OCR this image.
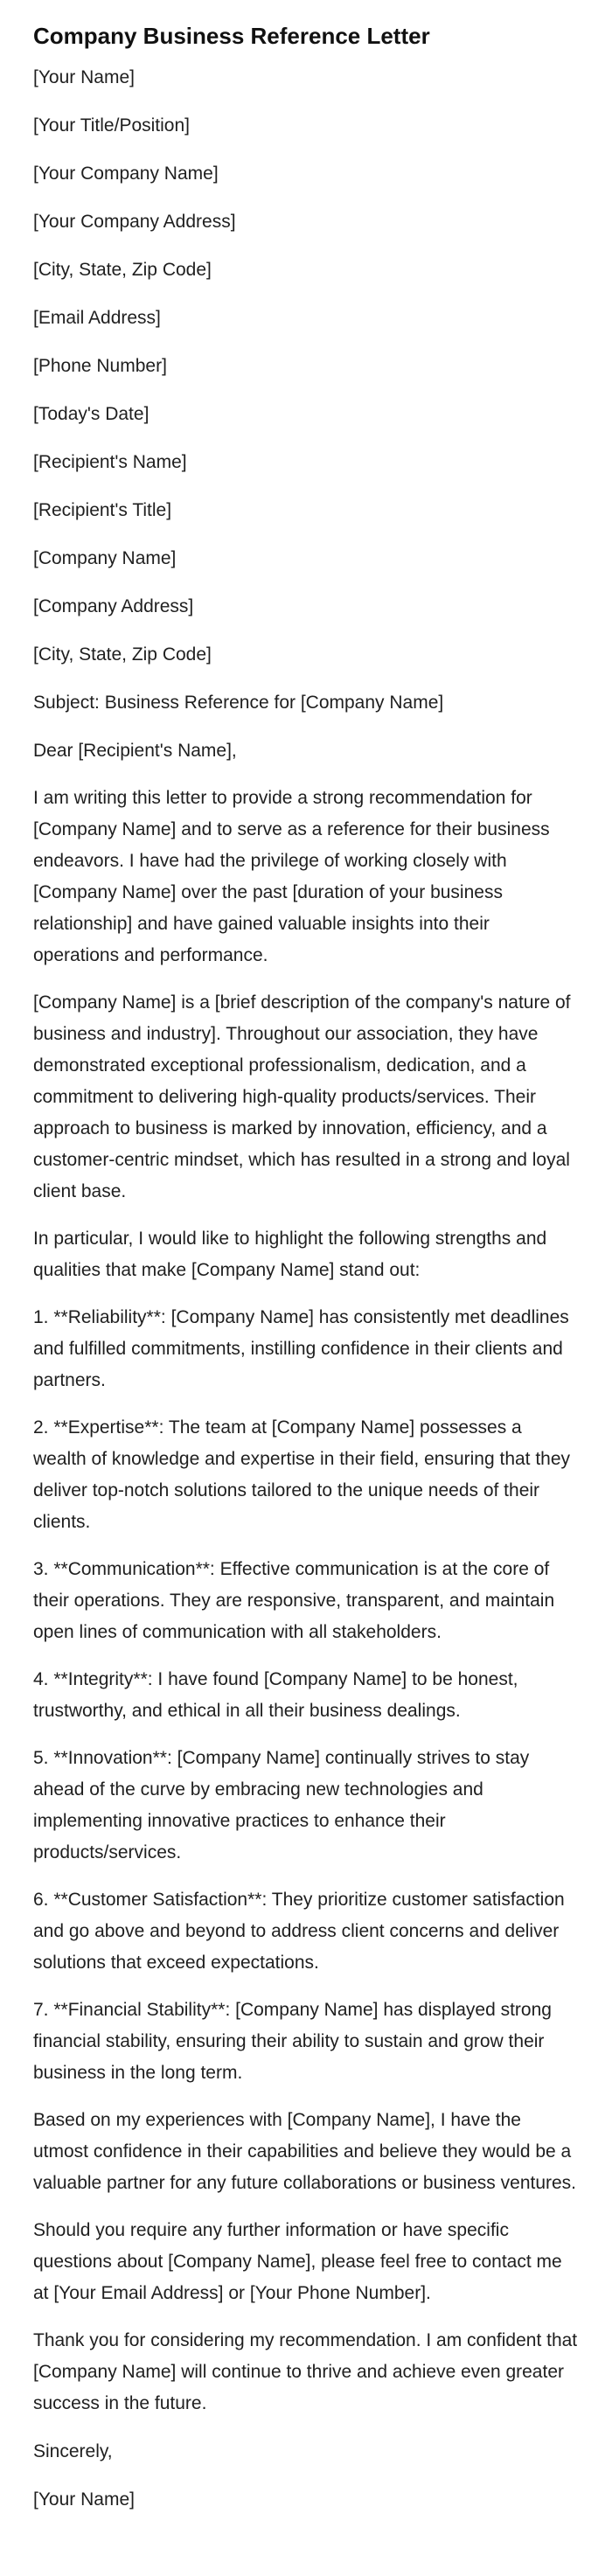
Company Business Reference Letter
[Your Name]
[Your Title/Position]
[Your Company Name]
[Your Company Address]
[City, State, Zip Code]
[Email Address]
[Phone Number]
[Today's Date]
[Recipient's Name]
[Recipient's Title]
[Company Name]
[Company Address]
[City, State, Zip Code]
Subject: Business Reference for [Company Name]
Dear [Recipient's Name],

I am writing this letter to provide a strong recommendation for [Company Name] and to serve as a reference for their business endeavors. I have had the privilege of working closely with [Company Name] over the past [duration of your business relationship] and have gained valuable insights into their operations and performance.

[Company Name] is a [brief description of the company's nature of business and industry]. Throughout our association, they have demonstrated exceptional professionalism, dedication, and a commitment to delivering high-quality products/services. Their approach to business is marked by innovation, efficiency, and a customer-centric mindset, which has resulted in a strong and loyal client base.

In particular, I would like to highlight the following strengths and qualities that make [Company Name] stand out:

1. **Reliability**: [Company Name] has consistently met deadlines and fulfilled commitments, instilling confidence in their clients and partners.

2. **Expertise**: The team at [Company Name] possesses a wealth of knowledge and expertise in their field, ensuring that they deliver top-notch solutions tailored to the unique needs of their clients.

3. **Communication**: Effective communication is at the core of their operations. They are responsive, transparent, and maintain open lines of communication with all stakeholders.

4. **Integrity**: I have found [Company Name] to be honest, trustworthy, and ethical in all their business dealings.

5. **Innovation**: [Company Name] continually strives to stay ahead of the curve by embracing new technologies and implementing innovative practices to enhance their products/services.

6. **Customer Satisfaction**: They prioritize customer satisfaction and go above and beyond to address client concerns and deliver solutions that exceed expectations.

7. **Financial Stability**: [Company Name] has displayed strong financial stability, ensuring their ability to sustain and grow their business in the long term.

Based on my experiences with [Company Name], I have the utmost confidence in their capabilities and believe they would be a valuable partner for any future collaborations or business ventures.

Should you require any further information or have specific questions about [Company Name], please feel free to contact me at [Your Email Address] or [Your Phone Number].

Thank you for considering my recommendation. I am confident that [Company Name] will continue to thrive and achieve even greater success in the future.

Sincerely,
[Your Name]
